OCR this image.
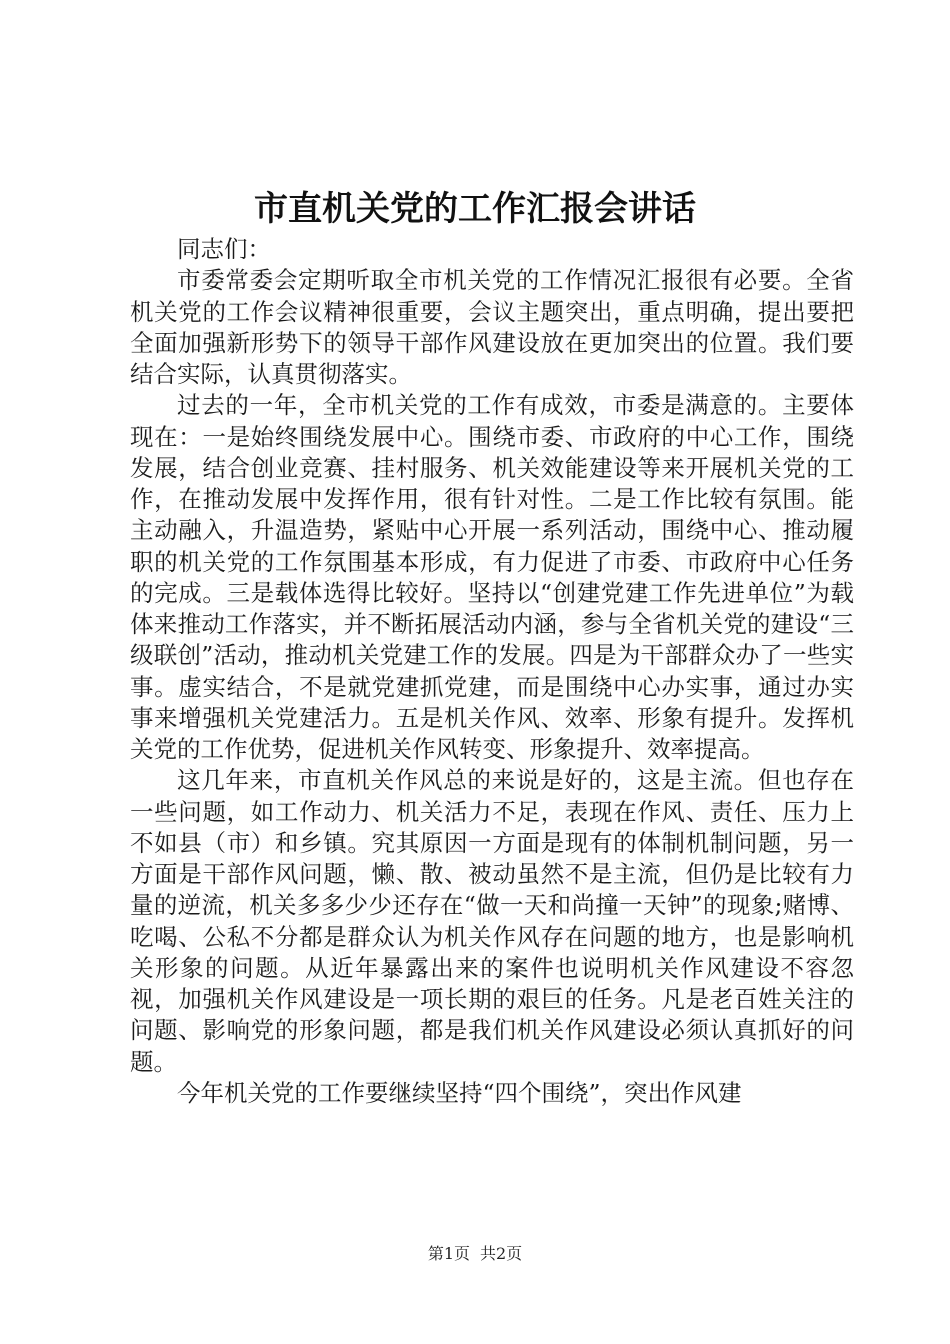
市直机关党的工作汇报会讲话

同志们：

市委常委会定期听取全市机关党的工作情况汇报很有必要。全省机关党的工作会议精神很重要，会议主题突出，重点明确，提出要把全面加强新形势下的领导干部作风建设放在更加突出的位置。我们要结合实际，认真贯彻落实。

过去的一年，全市机关党的工作有成效，市委是满意的。主要体现在：一是始终围绕发展中心。围绕市委、市政府的中心工作，围绕发展，结合创业竞赛、挂村服务、机关效能建设等来开展机关党的工作，在推动发展中发挥作用，很有针对性。二是工作比较有氛围。能主动融入，升温造势，紧贴中心开展一系列活动，围绕中心、推动履职的机关党的工作氛围基本形成，有力促进了市委、市政府中心任务的完成。三是载体选得比较好。坚持以“创建党建工作先进单位”为载体来推动工作落实，并不断拓展活动内涵，参与全省机关党的建设“三级联创”活动，推动机关党建工作的发展。四是为干部群众办了一些实事。虚实结合，不是就党建抓党建，而是围绕中心办实事，通过办实事来增强机关党建活力。五是机关作风、效率、形象有提升。发挥机关党的工作优势，促进机关作风转变、形象提升、效率提高。

这几年来，市直机关作风总的来说是好的，这是主流。但也存在一些问题，如工作动力、机关活力不足，表现在作风、责任、压力上不如县（市）和乡镇。究其原因一方面是现有的体制机制问题，另一方面是干部作风问题，懒、散、被动虽然不是主流，但仍是比较有力量的逆流，机关多多少少还存在“做一天和尚撞一天钟”的现象;赌博、吃喝、公私不分都是群众认为机关作风存在问题的地方，也是影响机关形象的问题。从近年暴露出来的案件也说明机关作风建设不容忽视，加强机关作风建设是一项长期的艰巨的任务。凡是老百姓关注的问题、影响党的形象问题，都是我们机关作风建设必须认真抓好的问题。

今年机关党的工作要继续坚持“四个围绕”，突出作风建

第1页 共2页
